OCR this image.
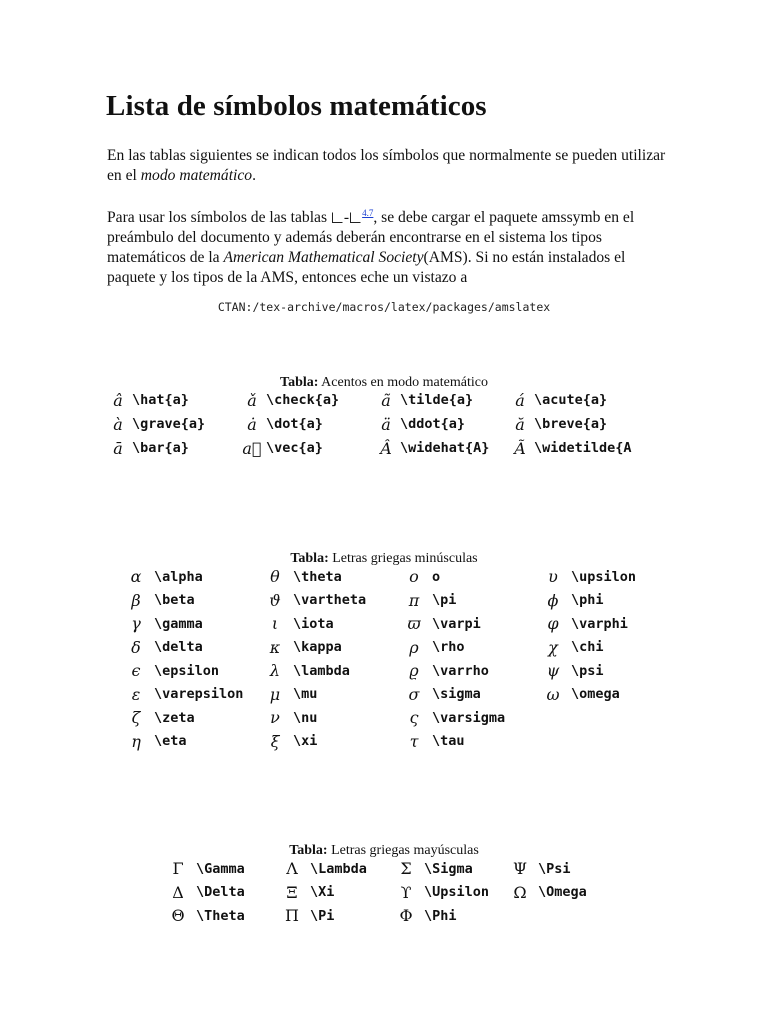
Lista de símbolos matemáticos

En las tablas siguientes se indican todos los símbolos que normalmente se pueden utilizar en el modo matemático.

Para usar los símbolos de las tablas - $^{4.7}$, se debe cargar el paquete amssymb en el preámbulo del documento y además deberán encontrarse en el sistema los tipos matemáticos de la American Mathematical Society(AMS). Si no están instalados el paquete y los tipos de la AMS, entonces eche un vistazo a

CTAN:/tex-archive/macros/latex/packages/amslatex
Tabla: Acentos en modo matemático
â	\hat{a}	ǎ	\check{a}	ã	\tilde{a}	á	\acute{a}
à	\grave{a}	ȧ	\dot{a}	ä	\ddot{a}	ă	\breve{a}
ā	\bar{a}	a⃗	\vec{a}	Â	\widehat{A}	Ã	\widetilde{A
Tabla: Letras griegas minúsculas
α	\alpha	θ	\theta	o	o	υ	\upsilon
β	\beta	ϑ	\vartheta	π	\pi	ϕ	\phi
γ	\gamma	ι	\iota	ϖ	\varpi	φ	\varphi
δ	\delta	κ	\kappa	ρ	\rho	χ	\chi
ϵ	\epsilon	λ	\lambda	ϱ	\varrho	ψ	\psi
ε	\varepsilon	μ	\mu	σ	\sigma	ω	\omega
ζ	\zeta	ν	\nu	ς	\varsigma		
η	\eta	ξ	\xi	τ	\tau		
Tabla: Letras griegas mayúsculas
Γ	\Gamma	Λ	\Lambda	Σ	\Sigma	Ψ	\Psi
Δ	\Delta	Ξ	\Xi	ϒ	\Upsilon	Ω	\Omega
Θ	\Theta	Π	\Pi	Φ	\Phi		
